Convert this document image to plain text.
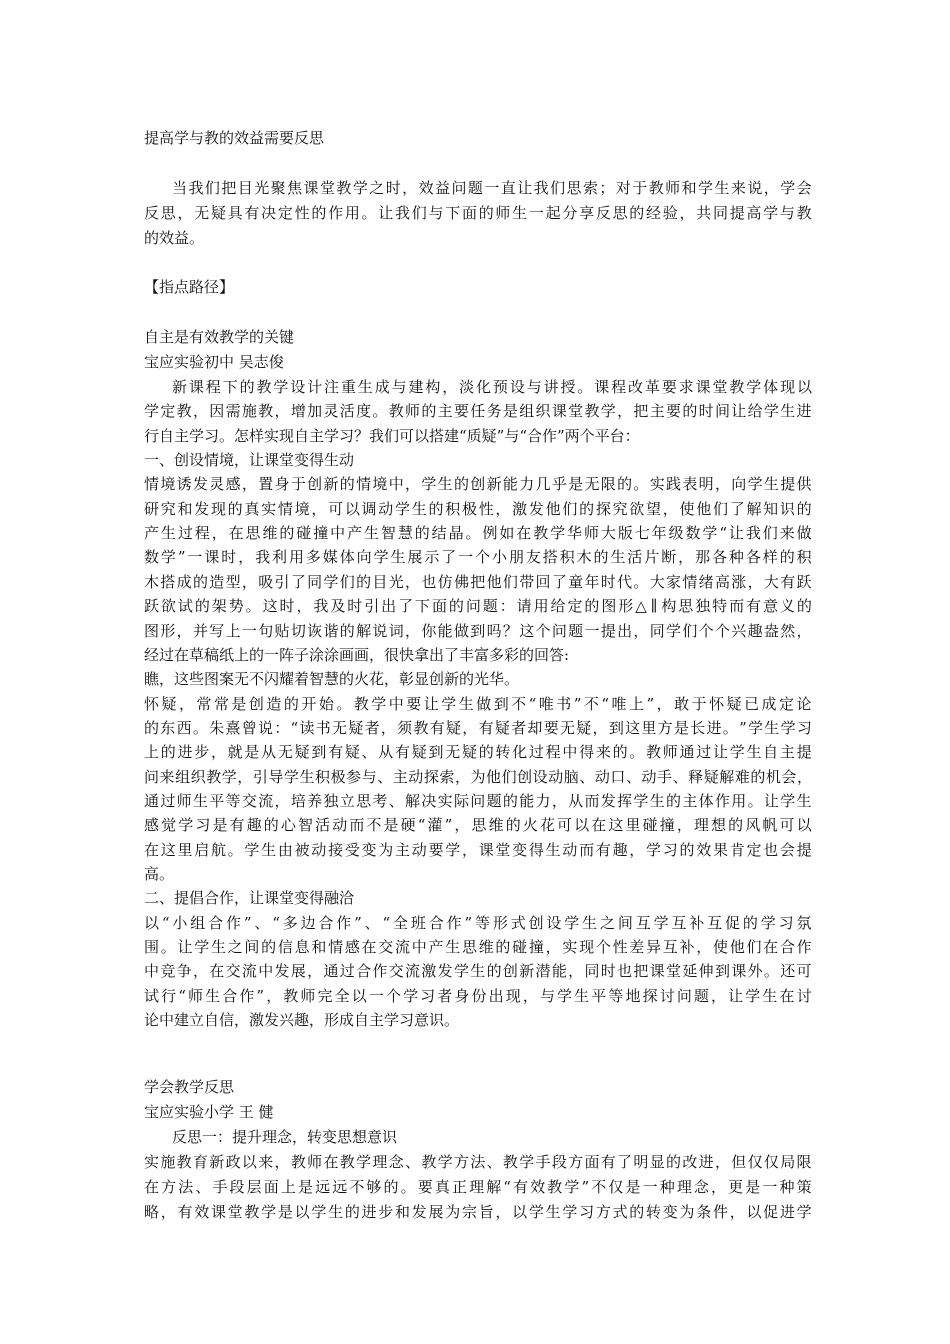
提高学与教的效益需要反思
当 我 们 把 目 光 聚 焦 课 堂 教 学 之 时 ， 效 益 问 题 一 直 让 我 们 思 索 ； 对 于 教 师 和 学 生 来 说 ， 学 会
反 思 ， 无 疑 具 有 决 定 性 的 作 用 。 让 我 们 与 下 面 的 师 生 一 起 分 享 反 思 的 经 验 ， 共 同 提 高 学 与 教
的效益。
【指点路径】
自主是有效教学的关键
宝应实验初中 吴志俊
新 课 程 下 的 教 学 设 计 注 重 生 成 与 建 构 ， 淡 化 预 设 与 讲 授 。 课 程 改 革 要 求 课 堂 教 学 体 现 以
学 定 教 ， 因 需 施 教 ， 增 加 灵 活 度 。 教 师 的 主 要 任 务 是 组 织 课 堂 教 学 ， 把 主 要 的 时 间 让 给 学 生 进
行自主学习。怎样实现自主学习？我们可以搭建“质疑”与“合作”两个平台：
一、创设情境，让课堂变得生动
情 境 诱 发 灵 感 ， 置 身 于 创 新 的 情 境 中 ， 学 生 的 创 新 能 力 几 乎 是 无 限 的 。 实 践 表 明 ， 向 学 生 提 供
研 究 和 发 现 的 真 实 情 境 ， 可 以 调 动 学 生 的 积 极 性 ， 激 发 他 们 的 探 究 欲 望 ， 使 他 们 了 解 知 识 的
产 生 过 程 ， 在 思 维 的 碰 撞 中 产 生 智 慧 的 结 晶 。 例 如 在 教 学 华 师 大 版 七 年 级 数 学 “ 让 我 们 来 做
数 学 ” 一 课 时 ， 我 利 用 多 媒 体 向 学 生 展 示 了 一 个 小 朋 友 搭 积 木 的 生 活 片 断 ， 那 各 种 各 样 的 积
木 搭 成 的 造 型 ， 吸 引 了 同 学 们 的 目 光 ， 也 仿 佛 把 他 们 带 回 了 童 年 时 代 。 大 家 情 绪 高 涨 ， 大 有 跃
跃 欲 试 的 架 势 。 这 时 ， 我 及 时 引 出 了 下 面 的 问 题 ： 请 用 给 定 的 图 形 △ ∥ 构 思 独 特 而 有 意 义 的
图 形 ， 并 写 上 一 句 贴 切 诙 谐 的 解 说 词 ， 你 能 做 到 吗 ？ 这 个 问 题 一 提 出 ， 同 学 们 个 个 兴 趣 盎 然 ，
经过在草稿纸上的一阵子涂涂画画，很快拿出了丰富多彩的回答:
瞧，这些图案无不闪耀着智慧的火花，彰显创新的光华。
怀 疑 ， 常 常 是 创 造 的 开 始 。 教 学 中 要 让 学 生 做 到 不 “ 唯 书 ” 不 “ 唯 上 ” ， 敢 于 怀 疑 已 成 定 论
的 东 西 。 朱 熹 曾 说 ： “ 读 书 无 疑 者 ， 须 教 有 疑 ， 有 疑 者 却 要 无 疑 ， 到 这 里 方 是 长 进 。 ” 学 生 学 习
上 的 进 步 ， 就 是 从 无 疑 到 有 疑 、 从 有 疑 到 无 疑 的 转 化 过 程 中 得 来 的 。 教 师 通 过 让 学 生 自 主 提
问 来 组 织 教 学 ， 引 导 学 生 积 极 参 与 、 主 动 探 索 ， 为 他 们 创 设 动 脑 、 动 口 、 动 手 、 释 疑 解 难 的 机 会 ，
通 过 师 生 平 等 交 流 ， 培 养 独 立 思 考 、 解 决 实 际 问 题 的 能 力 ， 从 而 发 挥 学 生 的 主 体 作 用 。 让 学 生
感 觉 学 习 是 有 趣 的 心 智 活 动 而 不 是 硬 “ 灌 ” ， 思 维 的 火 花 可 以 在 这 里 碰 撞 ， 理 想 的 风 帆 可 以
在 这 里 启 航 。 学 生 由 被 动 接 受 变 为 主 动 要 学 ， 课 堂 变 得 生 动 而 有 趣 ， 学 习 的 效 果 肯 定 也 会 提
高。
二、提倡合作，让课堂变得融洽
以 “ 小 组 合 作 ” 、 “ 多 边 合 作 ” 、 “ 全 班 合 作 ” 等 形 式 创 设 学 生 之 间 互 学 互 补 互 促 的 学 习 氛
围 。 让 学 生 之 间 的 信 息 和 情 感 在 交 流 中 产 生 思 维 的 碰 撞 ， 实 现 个 性 差 异 互 补 ， 使 他 们 在 合 作
中 竞 争 ， 在 交 流 中 发 展 ， 通 过 合 作 交 流 激 发 学 生 的 创 新 潜 能 ， 同 时 也 把 课 堂 延 伸 到 课 外 。 还 可
试 行 “ 师 生 合 作 ” ， 教 师 完 全 以 一 个 学 习 者 身 份 出 现 ， 与 学 生 平 等 地 探 讨 问 题 ， 让 学 生 在 讨
论中建立自信，激发兴趣，形成自主学习意识。
学会教学反思
宝应实验小学 王 健
反思一：提升理念，转变思想意识
实 施 教 育 新 政 以 来 ， 教 师 在 教 学 理 念 、 教 学 方 法 、 教 学 手 段 方 面 有 了 明 显 的 改 进 ， 但 仅 仅 局 限
在 方 法 、 手 段 层 面 上 是 远 远 不 够 的 。 要 真 正 理 解 “ 有 效 教 学 ” 不 仅 是 一 种 理 念 ， 更 是 一 种 策
略 ， 有 效 课 堂 教 学 是 以 学 生 的 进 步 和 发 展 为 宗 旨 ， 以 学 生 学 习 方 式 的 转 变 为 条 件 ， 以 促 进 学
